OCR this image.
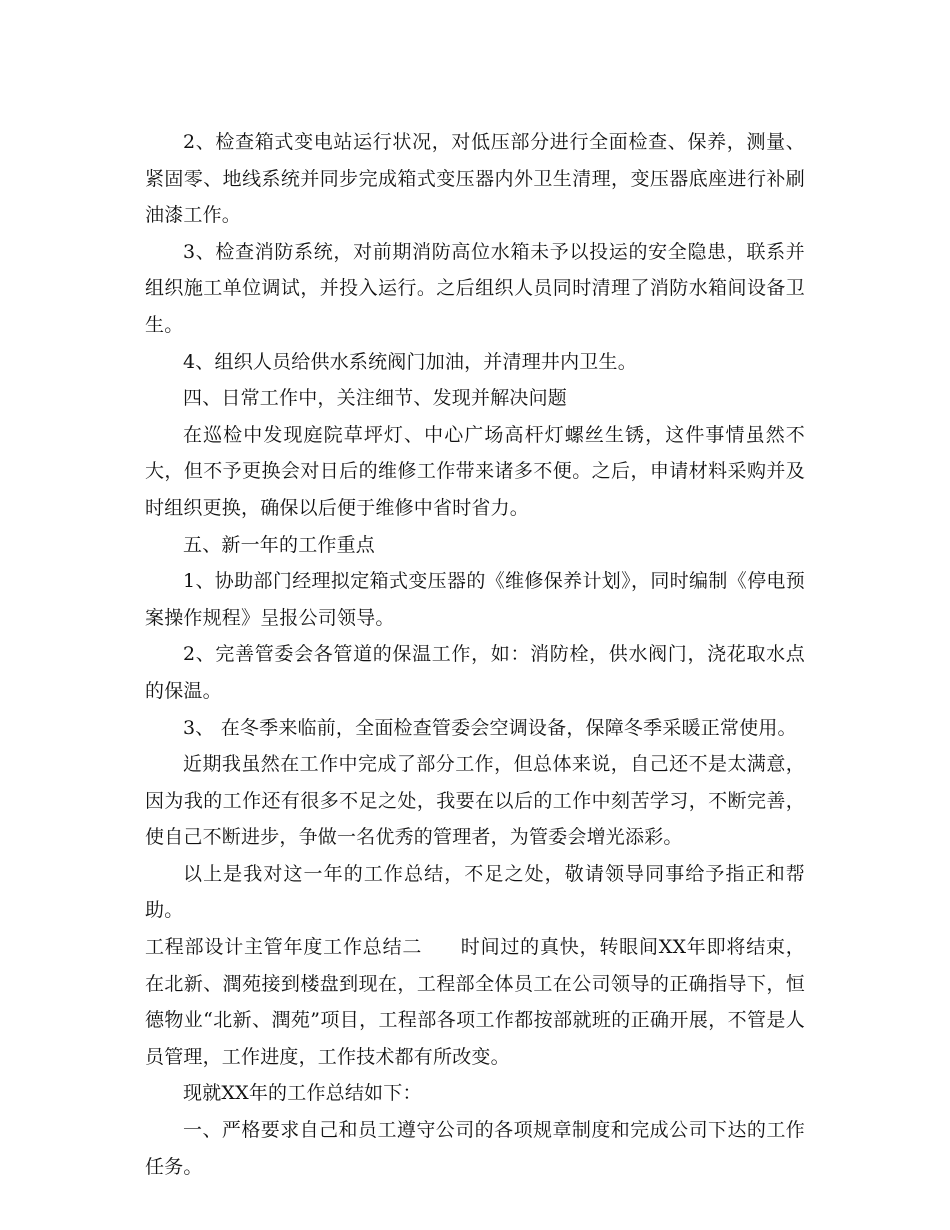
2、检查箱式变电站运行状况，对低压部分进行全面检查、保养，测量、紧固零、地线系统并同步完成箱式变压器内外卫生清理，变压器底座进行补刷油漆工作。

3、检查消防系统，对前期消防高位水箱未予以投运的安全隐患，联系并组织施工单位调试，并投入运行。之后组织人员同时清理了消防水箱间设备卫生。

4、组织人员给供水系统阀门加油，并清理井内卫生。

四、日常工作中，关注细节、发现并解决问题

在巡检中发现庭院草坪灯、中心广场高杆灯螺丝生锈，这件事情虽然不大，但不予更换会对日后的维修工作带来诸多不便。之后，申请材料采购并及时组织更换，确保以后便于维修中省时省力。

五、新一年的工作重点

1、协助部门经理拟定箱式变压器的《维修保养计划》，同时编制《停电预案操作规程》呈报公司领导。

2、完善管委会各管道的保温工作，如：消防栓，供水阀门，浇花取水点的保温。

3、 在冬季来临前，全面检查管委会空调设备，保障冬季采暖正常使用。

近期我虽然在工作中完成了部分工作，但总体来说，自己还不是太满意，因为我的工作还有很多不足之处，我要在以后的工作中刻苦学习，不断完善，使自己不断进步，争做一名优秀的管理者，为管委会增光添彩。

以上是我对这一年的工作总结，不足之处，敬请领导同事给予指正和帮助。

工程部设计主管年度工作总结二 时间过的真快，转眼间XX年即将结束，在北新、潤苑接到楼盘到现在，工程部全体员工在公司领导的正确指导下，恒德物业“北新、潤苑”项目，工程部各项工作都按部就班的正确开展，不管是人员管理，工作进度，工作技术都有所改变。

现就XX年的工作总结如下：

一、严格要求自己和员工遵守公司的各项规章制度和完成公司下达的工作任务。
